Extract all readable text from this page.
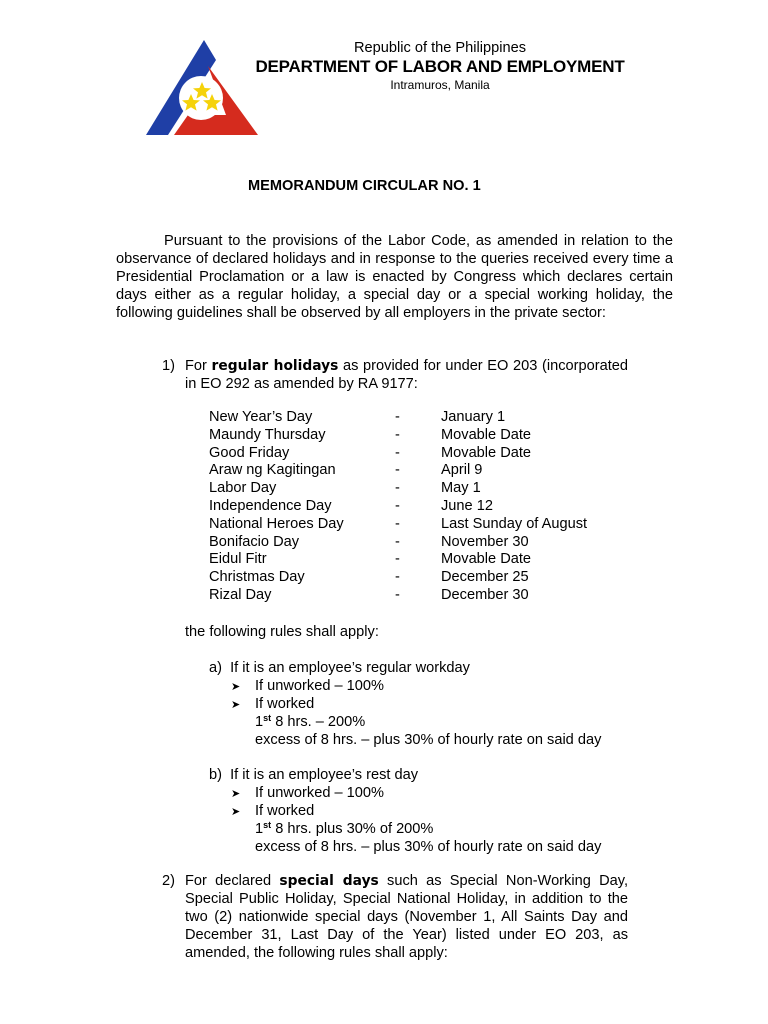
Republic of the Philippines
DEPARTMENT OF LABOR AND EMPLOYMENT
Intramuros, Manila
MEMORANDUM CIRCULAR NO. 1
Pursuant to the provisions of the Labor Code, as amended in relation to the observance of declared holidays and in response to the queries received every time a Presidential Proclamation or a law is enacted by Congress which declares certain days either as a regular holiday, a special day or a special working holiday, the following guidelines shall be observed by all employers in the private sector:
1) For regular holidays as provided for under EO 203 (incorporated in EO 292 as amended by RA 9177:
New Year’s Day	-	January 1
Maundy Thursday	-	Movable Date
Good Friday	-	Movable Date
Araw ng Kagitingan	-	April 9
Labor Day	-	May 1
Independence Day	-	June 12
National Heroes Day	-	Last Sunday of August
Bonifacio Day	-	November 30
Eidul Fitr	-	Movable Date
Christmas Day	-	December 25
Rizal Day	-	December 30
the following rules shall apply:
a) If it is an employee’s regular workday
➤ If unworked – 100%
➤ If worked
1st 8 hrs. – 200%
excess of 8 hrs. – plus 30% of hourly rate on said day
b) If it is an employee’s rest day
➤ If unworked – 100%
➤ If worked
1st 8 hrs. plus 30% of 200%
excess of 8 hrs. – plus 30% of hourly rate on said day
2) For declared special days such as Special Non-Working Day, Special Public Holiday, Special National Holiday, in addition to the two (2) nationwide special days (November 1, All Saints Day and December 31, Last Day of the Year) listed under EO 203, as amended, the following rules shall apply:
